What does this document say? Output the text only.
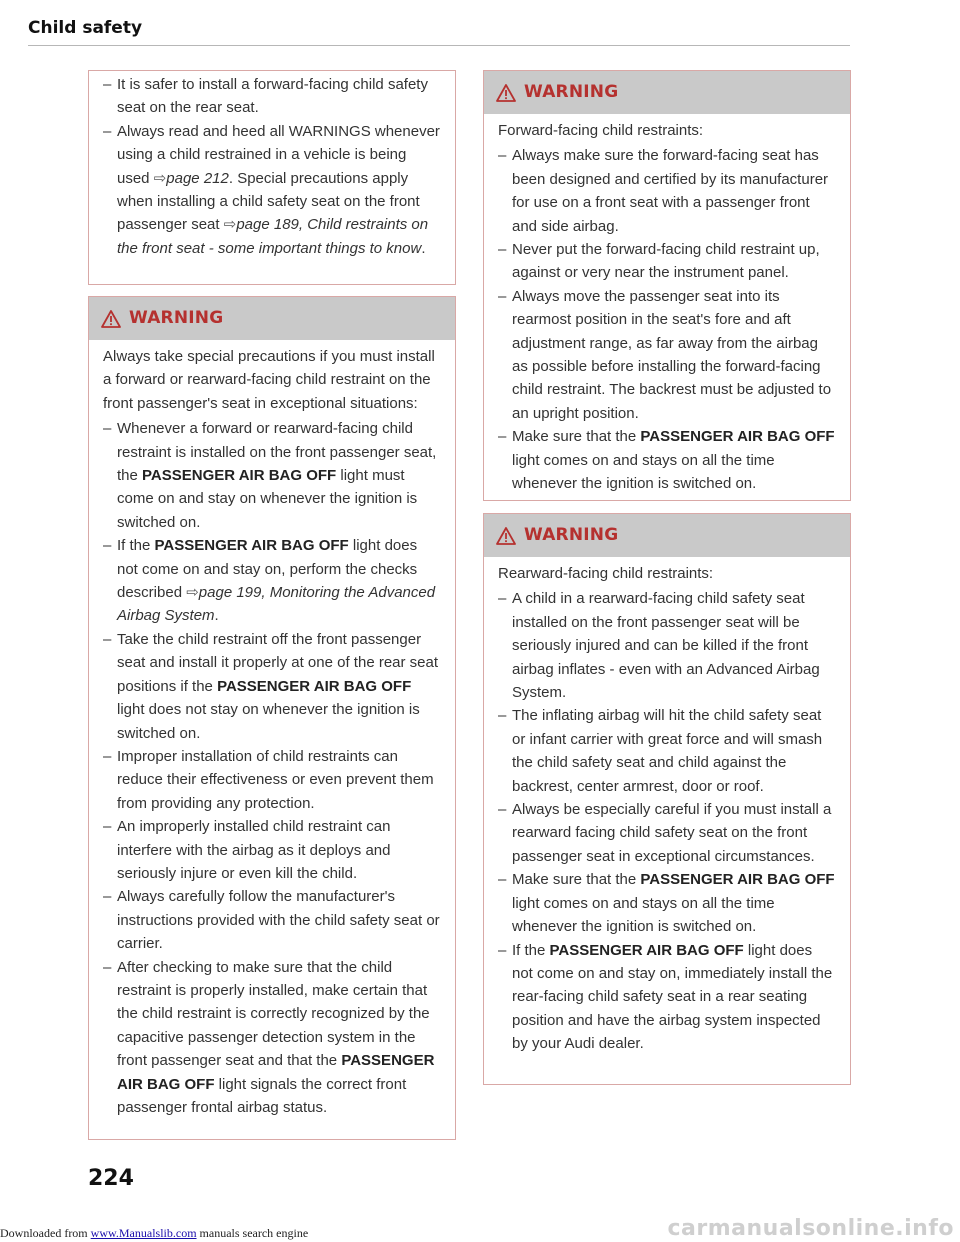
Child safety
– It is safer to install a forward-facing child safety seat on the rear seat.
– Always read and heed all WARNINGS whenever using a child restrained in a vehicle is being used ⇨page 212. Special precautions apply when installing a child safety seat on the front passenger seat ⇨page 189, Child restraints on the front seat - some important things to know.
WARNING

Always take special precautions if you must install a forward or rearward-facing child restraint on the front passenger's seat in exceptional situations:

– Whenever a forward or rearward-facing child restraint is installed on the front passenger seat, the PASSENGER AIR BAG OFF light must come on and stay on whenever the ignition is switched on.
– If the PASSENGER AIR BAG OFF light does not come on and stay on, perform the checks described ⇨page 199, Monitoring the Advanced Airbag System.
– Take the child restraint off the front passenger seat and install it properly at one of the rear seat positions if the PASSENGER AIR BAG OFF light does not stay on whenever the ignition is switched on.
– Improper installation of child restraints can reduce their effectiveness or even prevent them from providing any protection.
– An improperly installed child restraint can interfere with the airbag as it deploys and seriously injure or even kill the child.
– Always carefully follow the manufacturer's instructions provided with the child safety seat or carrier.
– After checking to make sure that the child restraint is properly installed, make certain that the child restraint is correctly recognized by the capacitive passenger detection system in the front passenger seat and that the PASSENGER AIR BAG OFF light signals the correct front passenger frontal airbag status.
WARNING

Forward-facing child restraints:

– Always make sure the forward-facing seat has been designed and certified by its manufacturer for use on a front seat with a passenger front and side airbag.
– Never put the forward-facing child restraint up, against or very near the instrument panel.
– Always move the passenger seat into its rearmost position in the seat's fore and aft adjustment range, as far away from the airbag as possible before installing the forward-facing child restraint. The backrest must be adjusted to an upright position.
– Make sure that the PASSENGER AIR BAG OFF light comes on and stays on all the time whenever the ignition is switched on.
WARNING

Rearward-facing child restraints:

– A child in a rearward-facing child safety seat installed on the front passenger seat will be seriously injured and can be killed if the front airbag inflates - even with an Advanced Airbag System.
– The inflating airbag will hit the child safety seat or infant carrier with great force and will smash the child safety seat and child against the backrest, center armrest, door or roof.
– Always be especially careful if you must install a rearward facing child safety seat on the front passenger seat in exceptional circumstances.
– Make sure that the PASSENGER AIR BAG OFF light comes on and stays on all the time whenever the ignition is switched on.
– If the PASSENGER AIR BAG OFF light does not come on and stay on, immediately install the rear-facing child safety seat in a rear seating position and have the airbag system inspected by your Audi dealer.
224
Downloaded from www.Manualslib.com manuals search engine	carmanualsonline.info
